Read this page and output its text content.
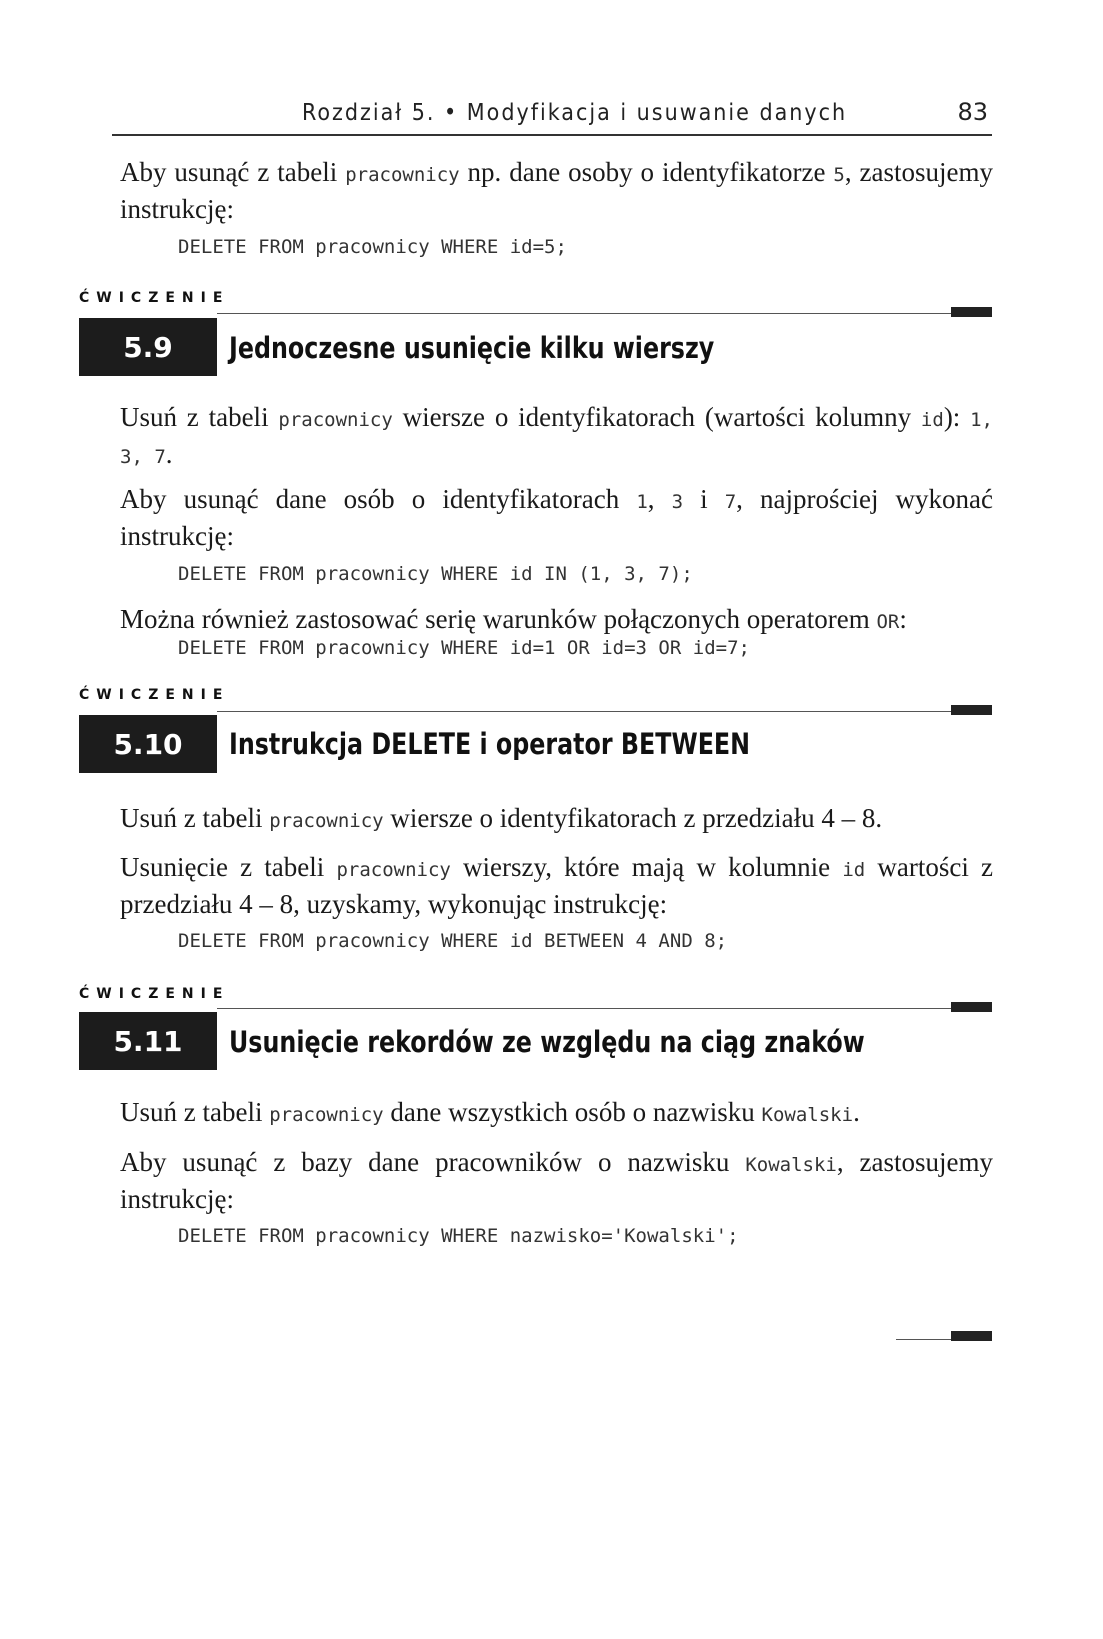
Rozdział 5. • Modyfikacja i usuwanie danych	83

Aby usunąć z tabeli pracownicy np. dane osoby o identyfikatorze 5, zastosujemy instrukcję:

DELETE FROM pracownicy WHERE id=5;
ĆWICZENIE
5.9	Jednoczesne usunięcie kilku wierszy

Usuń z tabeli pracownicy wiersze o identyfikatorach (wartości kolumny id): 1, 3, 7.

Aby usunąć dane osób o identyfikatorach 1, 3 i 7, najprościej wykonać instrukcję:

DELETE FROM pracownicy WHERE id IN (1, 3, 7);

Można również zastosować serię warunków połączonych operatorem OR:

DELETE FROM pracownicy WHERE id=1 OR id=3 OR id=7;
ĆWICZENIE
5.10	Instrukcja DELETE i operator BETWEEN

Usuń z tabeli pracownicy wiersze o identyfikatorach z przedziału 4 – 8.

Usunięcie z tabeli pracownicy wierszy, które mają w kolumnie id wartości z przedziału 4 – 8, uzyskamy, wykonując instrukcję:

DELETE FROM pracownicy WHERE id BETWEEN 4 AND 8;
ĆWICZENIE
5.11	Usunięcie rekordów ze względu na ciąg znaków

Usuń z tabeli pracownicy dane wszystkich osób o nazwisku Kowalski.

Aby usunąć z bazy dane pracowników o nazwisku Kowalski, zastosujemy instrukcję:

DELETE FROM pracownicy WHERE nazwisko='Kowalski';
